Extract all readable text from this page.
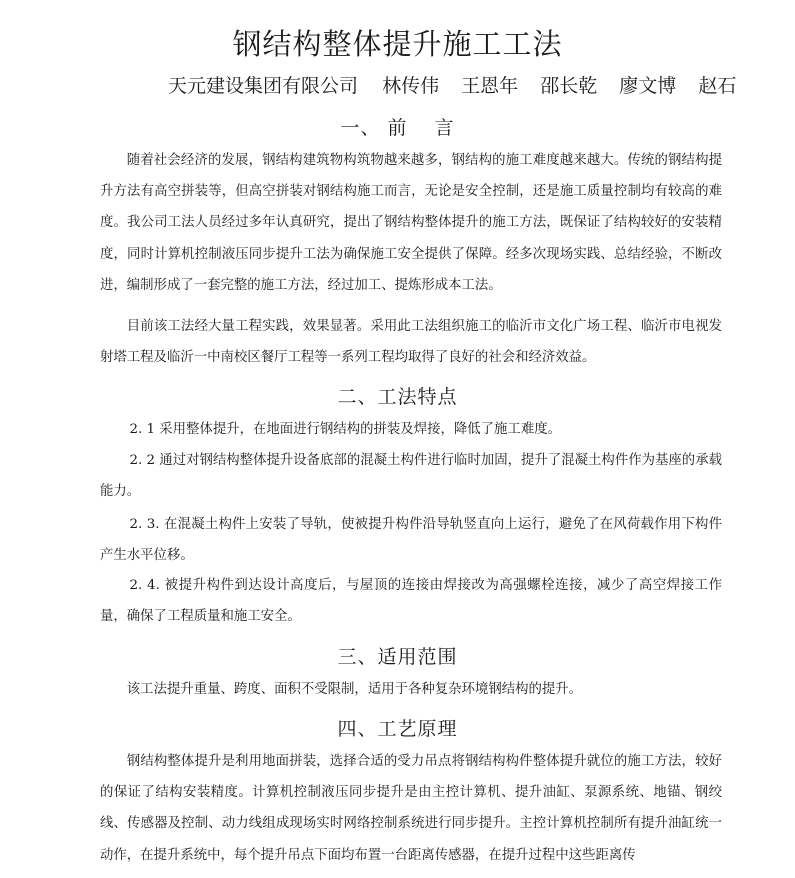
钢结构整体提升施工工法
天元建设集团有限公司 林传伟 王恩年 邵长乾 廖文博 赵石
一、 前　 言

随着社会经济的发展，钢结构建筑物构筑物越来越多，钢结构的施工难度越来越大。传统的钢结构提升方法有高空拼装等，但高空拼装对钢结构施工而言，无论是安全控制，还是施工质量控制均有较高的难度。我公司工法人员经过多年认真研究，提出了钢结构整体提升的施工方法，既保证了结构较好的安装精度，同时计算机控制液压同步提升工法为确保施工安全提供了保障。经多次现场实践、总结经验，不断改进，编制形成了一套完整的施工方法，经过加工、提炼形成本工法。

目前该工法经大量工程实践，效果显著。采用此工法组织施工的临沂市文化广场工程、临沂市电视发射塔工程及临沂一中南校区餐厅工程等一系列工程均取得了良好的社会和经济效益。

二、工法特点

2. 1 采用整体提升，在地面进行钢结构的拼装及焊接，降低了施工难度。

2. 2 通过对钢结构整体提升设备底部的混凝土构件进行临时加固，提升了混凝土构件作为基座的承载能力。

2. 3. 在混凝土构件上安装了导轨，使被提升构件沿导轨竖直向上运行，避免了在风荷载作用下构件产生水平位移。

2. 4. 被提升构件到达设计高度后，与屋顶的连接由焊接改为高强螺栓连接，减少了高空焊接工作量，确保了工程质量和施工安全。

三、适用范围

该工法提升重量、跨度、面积不受限制，适用于各种复杂环境钢结构的提升。

四、工艺原理

钢结构整体提升是利用地面拼装，选择合适的受力吊点将钢结构构件整体提升就位的施工方法，较好的保证了结构安装精度。计算机控制液压同步提升是由主控计算机、提升油缸、泵源系统、地锚、钢绞线、传感器及控制、动力线组成现场实时网络控制系统进行同步提升。主控计算机控制所有提升油缸统一动作，在提升系统中，每个提升吊点下面均布置一台距离传感器，在提升过程中这些距离传
